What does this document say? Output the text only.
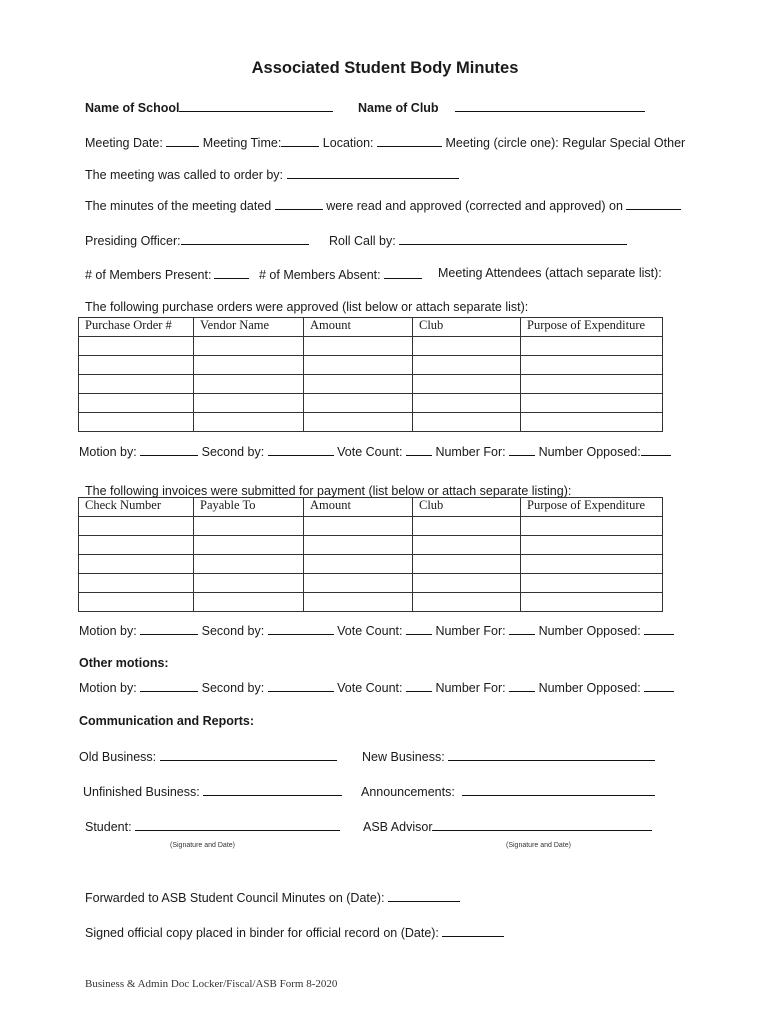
Associated Student Body Minutes
Name of School	Name of Club
Meeting Date:	Meeting Time:	Location:	Meeting (circle one): Regular Special Other
The meeting was called to order by:
The minutes of the meeting dated	were read and approved (corrected and approved) on
Presiding Officer:	Roll Call by:
# of Members Present:	# of Members Absent:	Meeting Attendees (attach separate list):
The following purchase orders were approved (list below or attach separate list):
Purchase Order #	Vendor Name	Amount	Club	Purpose of Expenditure

Motion by:	Second by:	Vote Count:	Number For:	Number Opposed:
The following invoices were submitted for payment (list below or attach separate listing):
Check Number	Payable To	Amount	Club	Purpose of Expenditure

Motion by:	Second by:	Vote Count:	Number For:	Number Opposed:
Other motions:
Motion by:	Second by:	Vote Count:	Number For:	Number Opposed:
Communication and Reports:
Old Business:	New Business:
Unfinished Business:	Announcements:
Student:	ASB Advisor
(Signature and Date)	(Signature and Date)
Forwarded to ASB Student Council Minutes on (Date):
Signed official copy placed in binder for official record on (Date):
Business & Admin Doc Locker/Fiscal/ASB Form 8-2020
